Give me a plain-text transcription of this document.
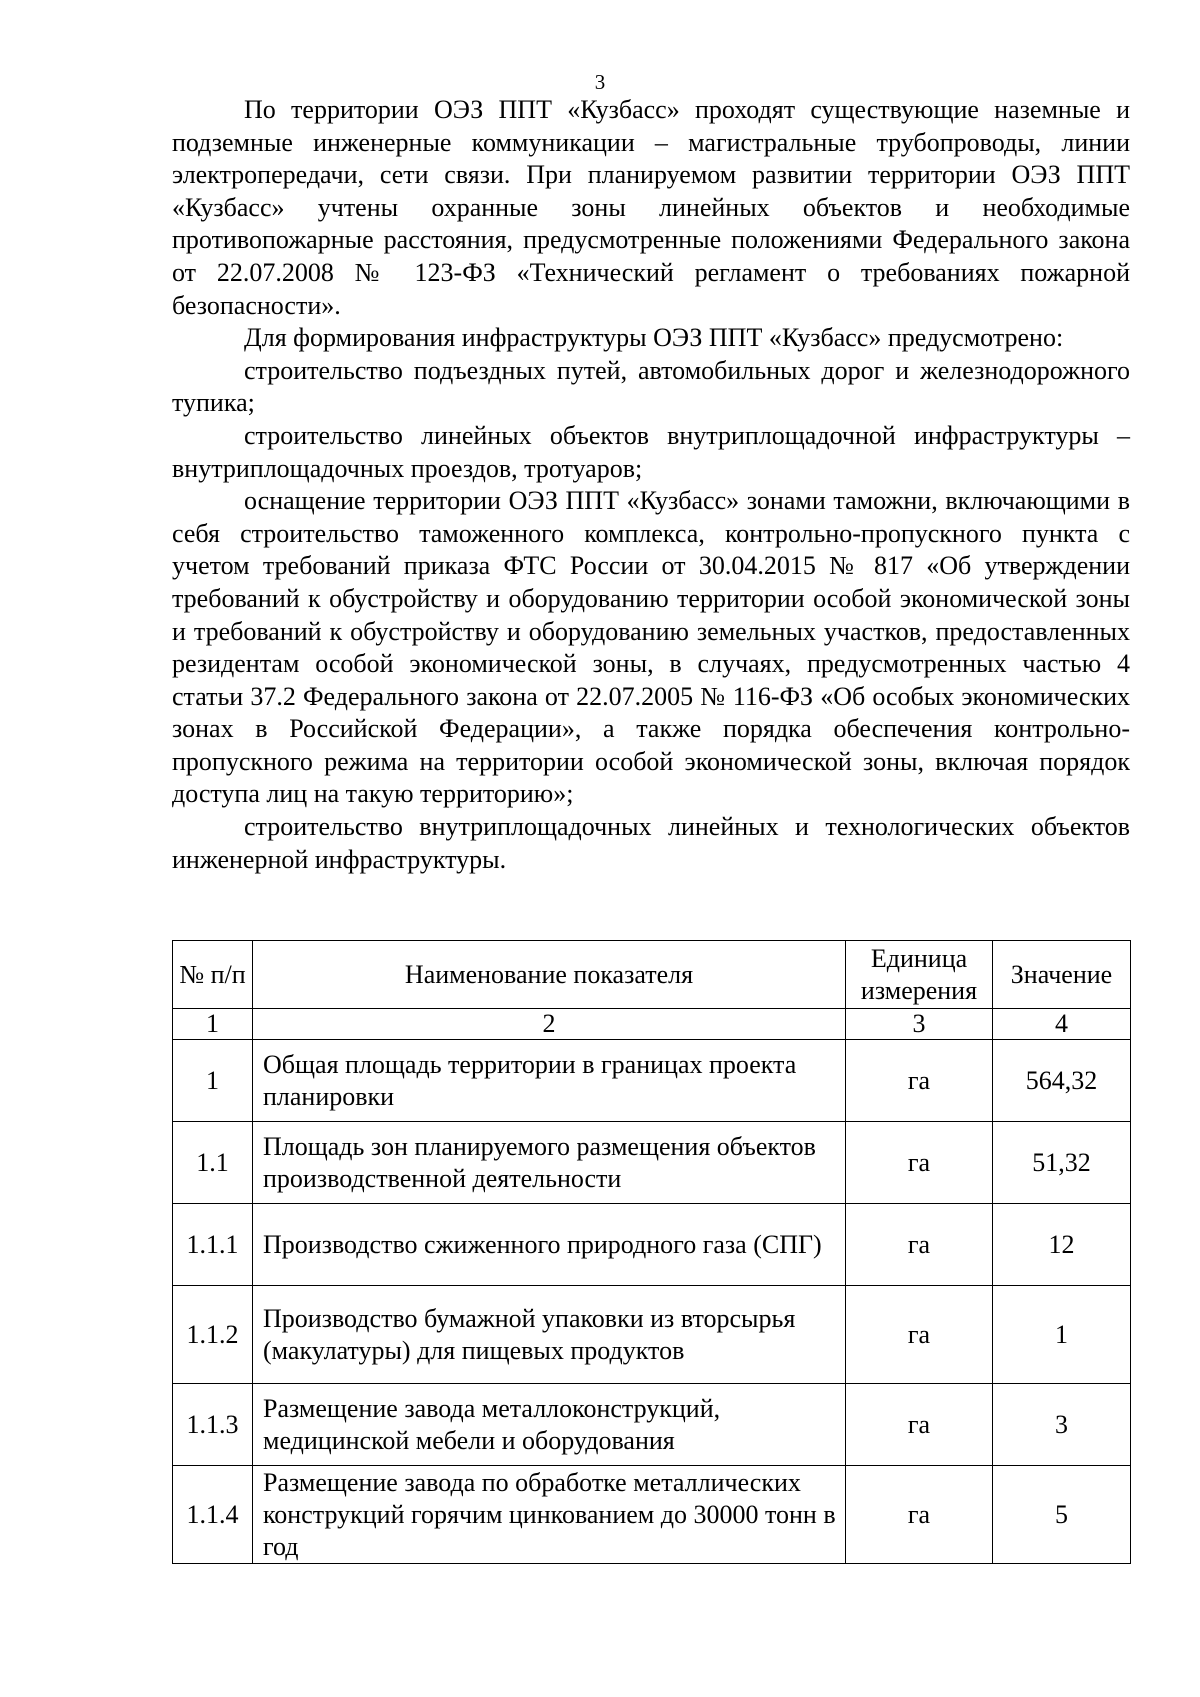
3

По территории ОЭЗ ППТ «Кузбасс» проходят существующие наземные и подземные инженерные коммуникации – магистральные трубопроводы, линии электропередачи, сети связи. При планируемом развитии территории ОЭЗ ППТ «Кузбасс» учтены охранные зоны линейных объектов и необходимые противопожарные расстояния, предусмотренные положениями Федерального закона от 22.07.2008 № 123-ФЗ «Технический регламент о требованиях пожарной безопасности».

Для формирования инфраструктуры ОЭЗ ППТ «Кузбасс» предусмотрено:

строительство подъездных путей, автомобильных дорог и железнодорожного тупика;

строительство линейных объектов внутриплощадочной инфраструктуры – внутриплощадочных проездов, тротуаров;

оснащение территории ОЭЗ ППТ «Кузбасс» зонами таможни, включающими в себя строительство таможенного комплекса, контрольно-пропускного пункта с учетом требований приказа ФТС России от 30.04.2015 № 817 «Об утверждении требований к обустройству и оборудованию территории особой экономической зоны и требований к обустройству и оборудованию земельных участков, предоставленных резидентам особой экономической зоны, в случаях, предусмотренных частью 4 статьи 37.2 Федерального закона от 22.07.2005 № 116-ФЗ «Об особых экономических зонах в Российской Федерации», а также порядка обеспечения контрольно-пропускного режима на территории особой экономической зоны, включая порядок доступа лиц на такую территорию»;

строительство внутриплощадочных линейных и технологических объектов инженерной инфраструктуры.

№ п/п	Наименование показателя	Единица измерения	Значение
1	2	3	4
1	Общая площадь территории в границах проекта планировки	га	564,32
1.1	Площадь зон планируемого размещения объектов производственной деятельности	га	51,32
1.1.1	Производство сжиженного природного газа (СПГ)	га	12
1.1.2	Производство бумажной упаковки из вторсырья (макулатуры) для пищевых продуктов	га	1
1.1.3	Размещение завода металлоконструкций, медицинской мебели и оборудования	га	3
1.1.4	Размещение завода по обработке металлических конструкций горячим цинкованием до 30000 тонн в год	га	5
